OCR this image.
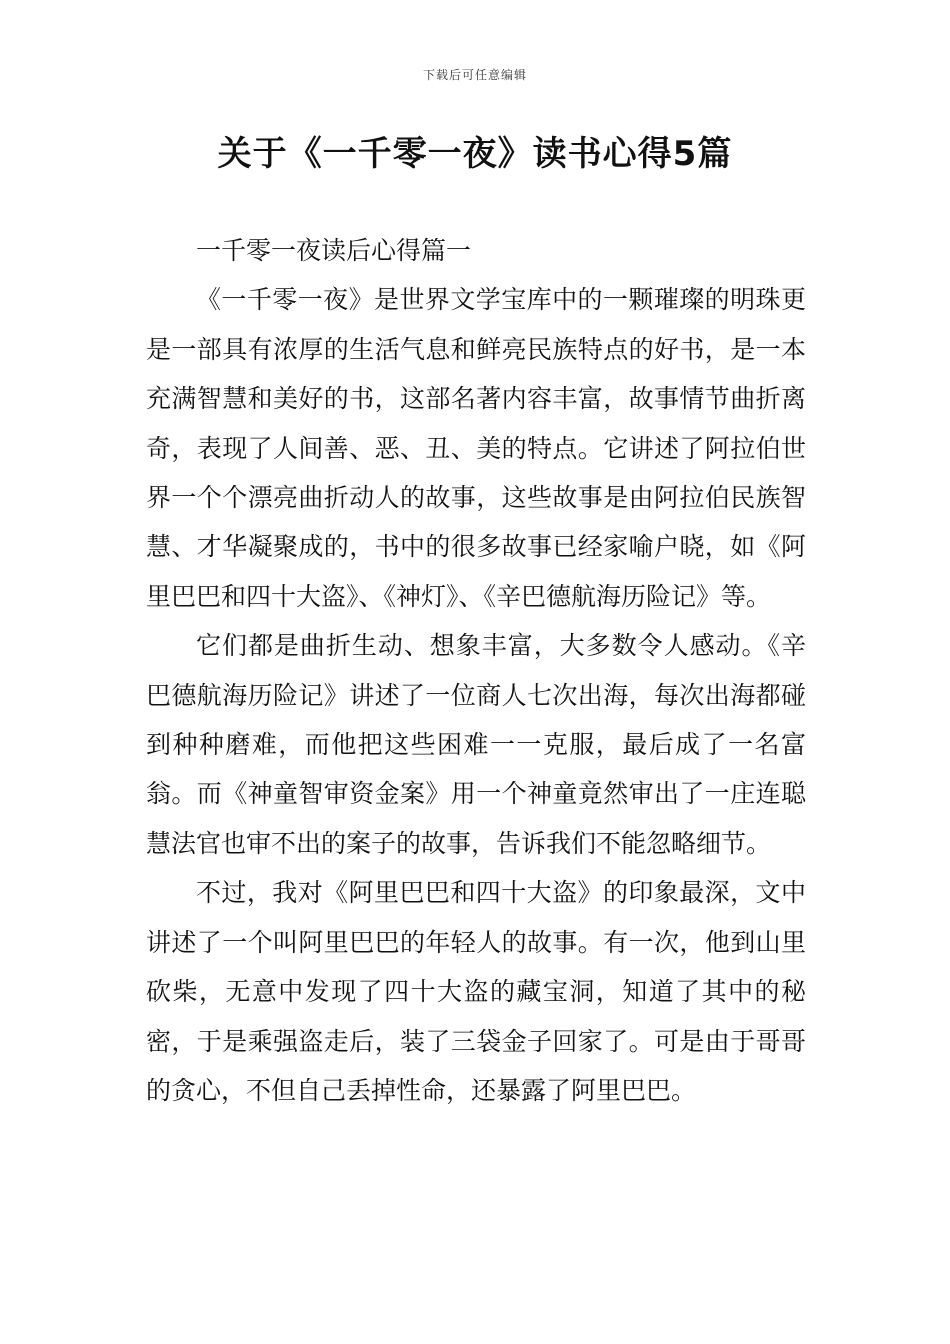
下载后可任意编辑
关于《一千零一夜》读书心得5篇

一千零一夜读后心得篇一

《一千零一夜》是世界文学宝库中的一颗璀璨的明珠更是一部具有浓厚的生活气息和鲜亮民族特点的好书，是一本充满智慧和美好的书，这部名著内容丰富，故事情节曲折离奇，表现了人间善、恶、丑、美的特点。它讲述了阿拉伯世界一个个漂亮曲折动人的故事，这些故事是由阿拉伯民族智慧、才华凝聚成的，书中的很多故事已经家喻户晓，如《阿里巴巴和四十大盗》、《神灯》、《辛巴德航海历险记》等。

它们都是曲折生动、想象丰富，大多数令人感动。《辛巴德航海历险记》讲述了一位商人七次出海，每次出海都碰到种种磨难，而他把这些困难一一克服，最后成了一名富翁。而《神童智审资金案》用一个神童竟然审出了一庄连聪慧法官也审不出的案子的故事，告诉我们不能忽略细节。

不过，我对《阿里巴巴和四十大盗》的印象最深，文中讲述了一个叫阿里巴巴的年轻人的故事。有一次，他到山里砍柴，无意中发现了四十大盗的藏宝洞，知道了其中的秘密，于是乘强盗走后，装了三袋金子回家了。可是由于哥哥的贪心，不但自己丢掉性命，还暴露了阿里巴巴。
